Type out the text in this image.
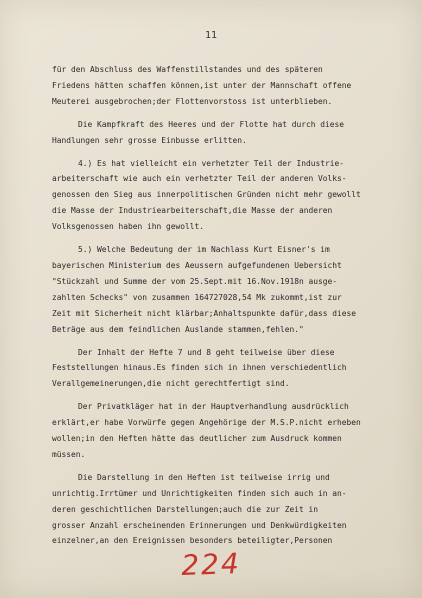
11
für den Abschluss des Waffenstillstandes und des späteren
Friedens hätten schaffen können,ist unter der Mannschaft offene
Meuterei ausgebrochen;der Flottenvorstoss ist unterblieben.
Die Kampfkraft des Heeres und der Flotte hat durch diese
Handlungen sehr grosse Einbusse erlitten.
4.) Es hat vielleicht ein verhetzter Teil der Industrie-
arbeiterschaft wie auch ein verhetzter Teil der anderen Volks-
genossen den Sieg aus innerpolitischen Gründen nicht mehr gewollt
die Masse der Industriearbeiterschaft,die Masse der anderen
Volksgenossen haben ihn gewollt.
5.) Welche Bedeutung der im Nachlass Kurt Eisner's im
bayerischen Ministerium des Aeussern aufgefundenen Uebersicht
"Stückzahl und Summe der vom 25.Sept.mit 16.Nov.1918n ausge-
zahlten Schecks" von zusammen 164727028,54 Mk zukommt,ist zur
Zeit mit Sicherheit nicht klärbar;Anhaltspunkte dafür,dass diese
Beträge aus dem feindlichen Auslande stammen,fehlen."
Der Inhalt der Hefte 7 und 8 geht teilweise über diese
Feststellungen hinaus.Es finden sich in ihnen verschiedentlich
Verallgemeinerungen,die nicht gerechtfertigt sind.
Der Privatkläger hat in der Hauptverhandlung ausdrücklich
erklärt,er habe Vorwürfe gegen Angehörige der M.S.P.nicht erheben
wollen;in den Heften hätte das deutlicher zum Ausdruck kommen
müssen.
Die Darstellung in den Heften ist teilweise irrig und
unrichtig.Irrtümer und Unrichtigkeiten finden sich auch in an-
deren geschichtlichen Darstellungen;auch die zur Zeit in
grosser Anzahl erscheinenden Erinnerungen und Denkwürdigkeiten
einzelner,an den Ereignissen besonders beteiligter,Personen
224
